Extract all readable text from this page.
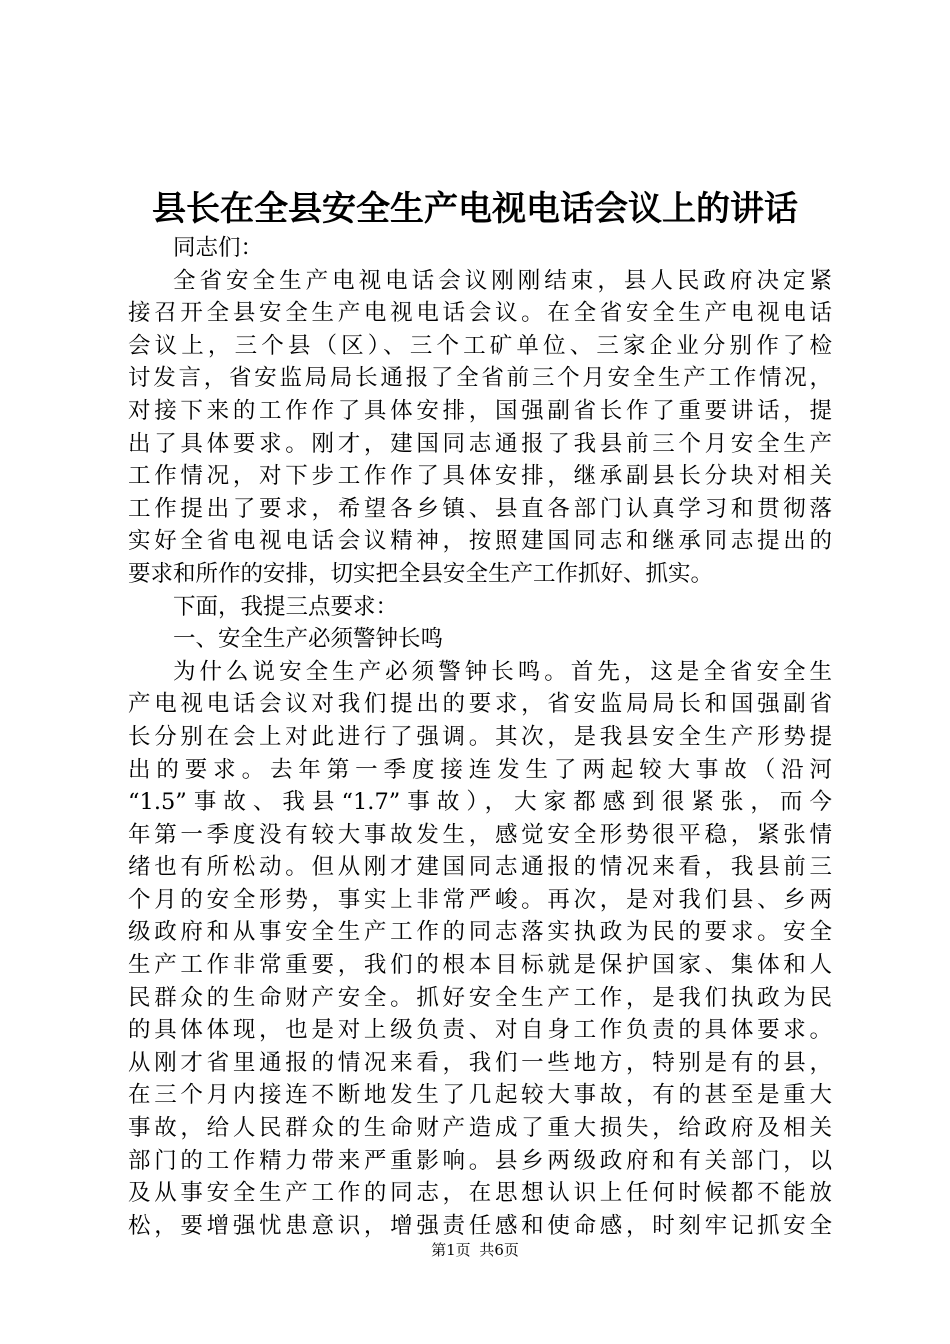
县长在全县安全生产电视电话会议上的讲话
同志们：
全省安全生产电视电话会议刚刚结束，县人民政府决定紧
接召开全县安全生产电视电话会议。在全省安全生产电视电话
会议上，三个县（区）、三个工矿单位、三家企业分别作了检
讨发言，省安监局局长通报了全省前三个月安全生产工作情况，
对接下来的工作作了具体安排，国强副省长作了重要讲话，提
出了具体要求。刚才，建国同志通报了我县前三个月安全生产
工作情况，对下步工作作了具体安排，继承副县长分块对相关
工作提出了要求，希望各乡镇、县直各部门认真学习和贯彻落
实好全省电视电话会议精神，按照建国同志和继承同志提出的
要求和所作的安排，切实把全县安全生产工作抓好、抓实。
下面，我提三点要求：
一、安全生产必须警钟长鸣
为什么说安全生产必须警钟长鸣。首先，这是全省安全生
产电视电话会议对我们提出的要求，省安监局局长和国强副省
长分别在会上对此进行了强调。其次，是我县安全生产形势提
出的要求。去年第一季度接连发生了两起较大事故（沿河
“1.5”事故、我县“1.7”事故），大家都感到很紧张，而今
年第一季度没有较大事故发生，感觉安全形势很平稳，紧张情
绪也有所松动。但从刚才建国同志通报的情况来看，我县前三
个月的安全形势，事实上非常严峻。再次，是对我们县、乡两
级政府和从事安全生产工作的同志落实执政为民的要求。安全
生产工作非常重要，我们的根本目标就是保护国家、集体和人
民群众的生命财产安全。抓好安全生产工作，是我们执政为民
的具体体现，也是对上级负责、对自身工作负责的具体要求。
从刚才省里通报的情况来看，我们一些地方，特别是有的县，
在三个月内接连不断地发生了几起较大事故，有的甚至是重大
事故，给人民群众的生命财产造成了重大损失，给政府及相关
部门的工作精力带来严重影响。县乡两级政府和有关部门，以
及从事安全生产工作的同志，在思想认识上任何时候都不能放
松，要增强忧患意识，增强责任感和使命感，时刻牢记抓安全
第1页 共6页
